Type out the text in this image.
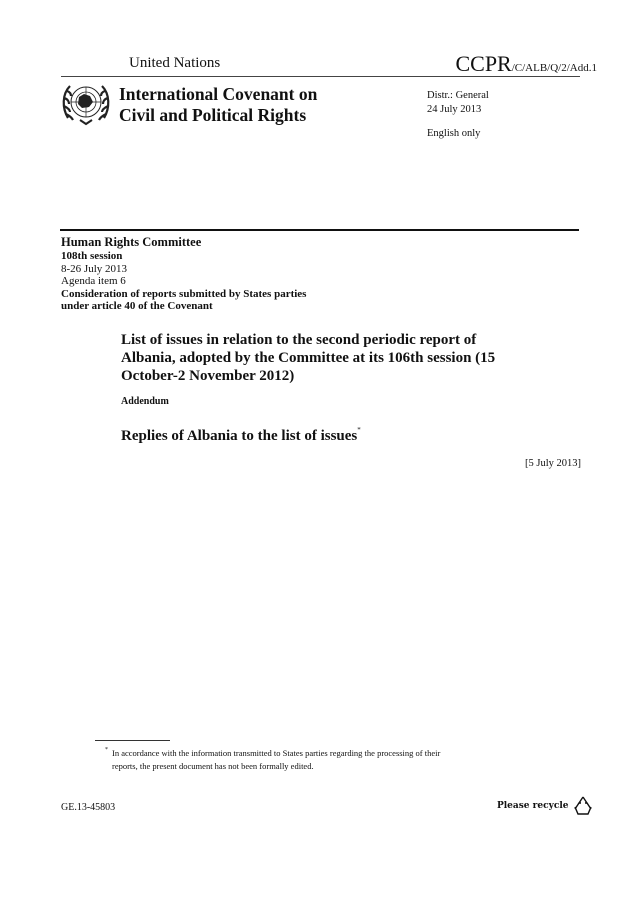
United Nations	CCPR/C/ALB/Q/2/Add.1
International Covenant on
Civil and Political Rights
Distr.: General
24 July 2013
English only
Human Rights Committee
108th session
8-26 July 2013
Agenda item 6
Consideration of reports submitted by States parties
under article 40 of the Covenant
List of issues in relation to the second periodic report of
Albania, adopted by the Committee at its 106th session (15
October-2 November 2012)
Addendum
Replies of Albania to the list of issues*
[5 July 2013]
* In accordance with the information transmitted to States parties regarding the processing of their
reports, the present document has not been formally edited.
GE.13-45803	Please recycle
